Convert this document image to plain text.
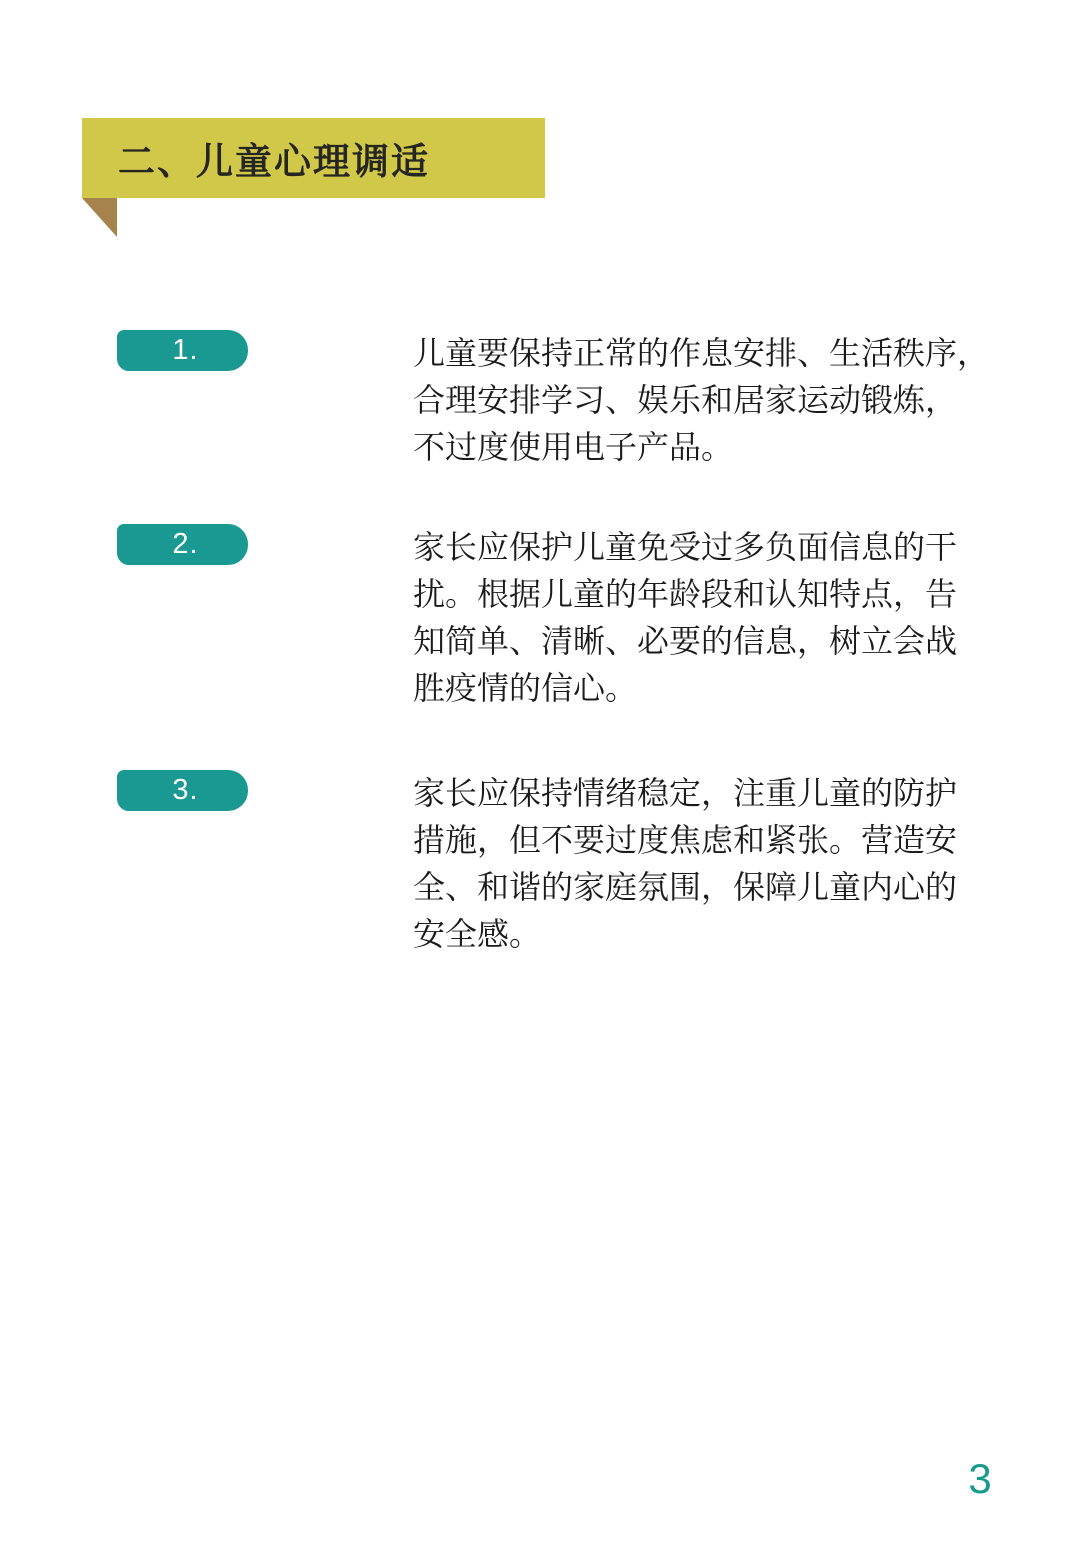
二、儿童心理调适
1.	儿童要保持正常的作息安排、生活秩序，
合理安排学习、娱乐和居家运动锻炼，
不过度使用电子产品。
2.	家长应保护儿童免受过多负面信息的干
扰。根据儿童的年龄段和认知特点，告
知简单、清晰、必要的信息，树立会战
胜疫情的信心。
3.	家长应保持情绪稳定，注重儿童的防护
措施，但不要过度焦虑和紧张。营造安
全、和谐的家庭氛围，保障儿童内心的
安全感。
3
